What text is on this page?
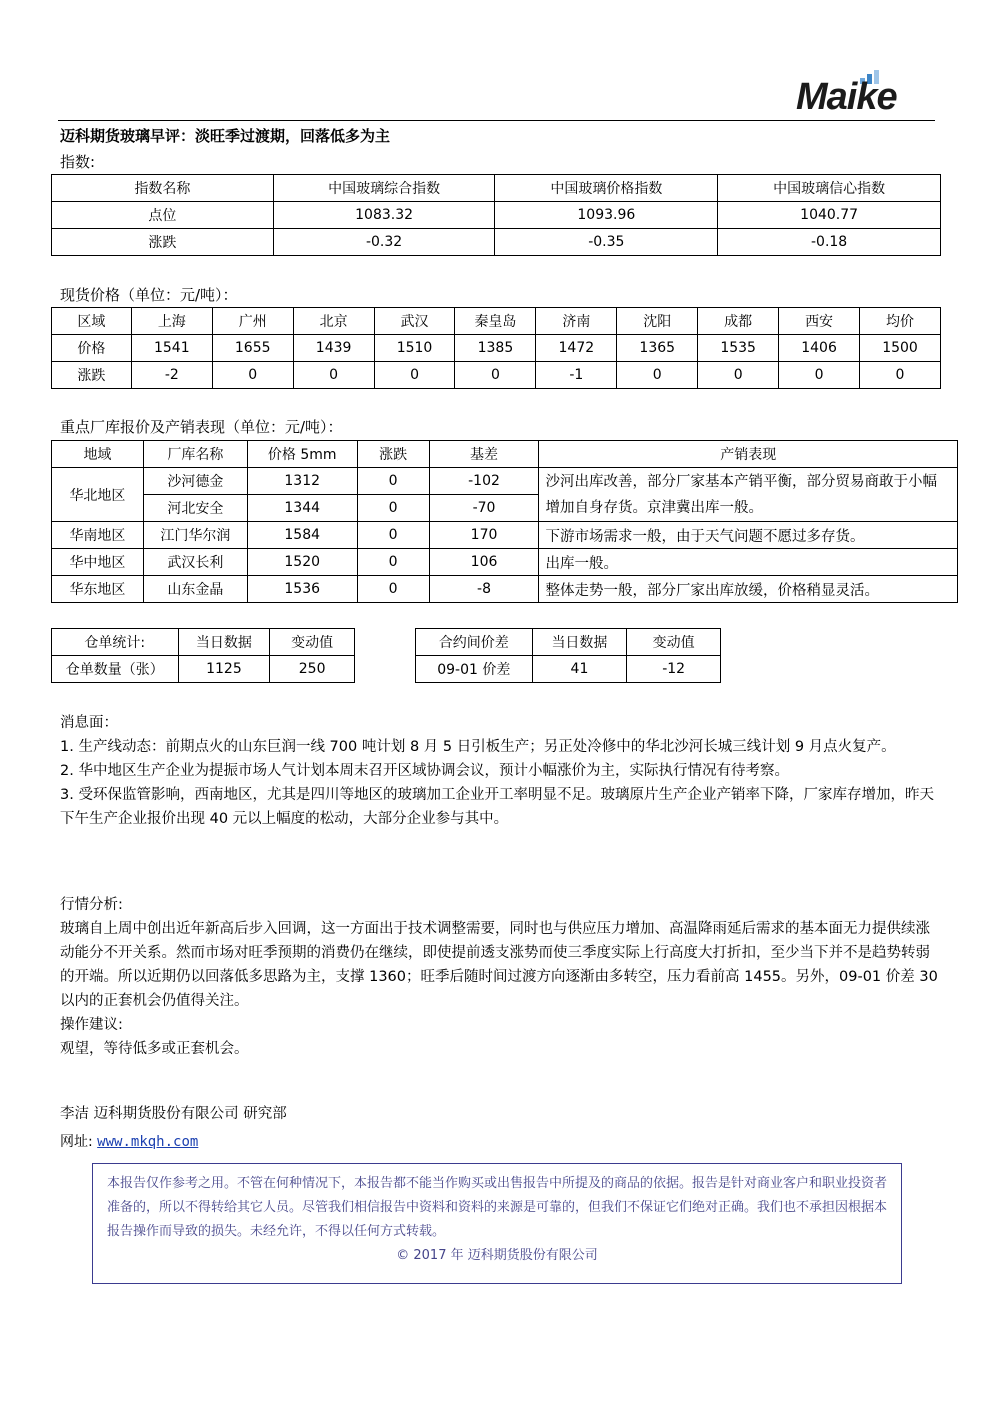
Maike
迈科期货玻璃早评：淡旺季过渡期，回落低多为主
指数:
指数名称	中国玻璃综合指数	中国玻璃价格指数	中国玻璃信心指数
点位	1083.32	1093.96	1040.77
涨跌	-0.32	-0.35	-0.18
现货价格（单位：元/吨）：
区域	上海	广州	北京	武汉	秦皇岛	济南	沈阳	成都	西安	均价
价格	1541	1655	1439	1510	1385	1472	1365	1535	1406	1500
涨跌	-2	0	0	0	0	-1	0	0	0	0
重点厂库报价及产销表现（单位：元/吨）：
地域	厂库名称	价格 5mm	涨跌	基差	产销表现
华北地区	沙河德金	1312	0	-102	沙河出库改善，部分厂家基本产销平衡，部分贸易商敢于小幅增加自身存货。京津冀出库一般。
	河北安全	1344	0	-70	
华南地区	江门华尔润	1584	0	170	下游市场需求一般，由于天气问题不愿过多存货。
华中地区	武汉长利	1520	0	106	出库一般。
华东地区	山东金晶	1536	0	-8	整体走势一般，部分厂家出库放缓，价格稍显灵活。
仓单统计:	当日数据	变动值
仓单数量（张）	1125	250
合约间价差	当日数据	变动值
09-01 价差	41	-12

消息面：

1. 生产线动态：前期点火的山东巨润一线 700 吨计划 8 月 5 日引板生产；另正处冷修中的华北沙河长城三线计划 9 月点火复产。

2. 华中地区生产企业为提振市场人气计划本周末召开区域协调会议，预计小幅涨价为主，实际执行情况有待考察。

3. 受环保监管影响，西南地区，尤其是四川等地区的玻璃加工企业开工率明显不足。玻璃原片生产企业产销率下降，厂家库存增加，昨天下午生产企业报价出现 40 元以上幅度的松动，大部分企业参与其中。

行情分析:

玻璃自上周中创出近年新高后步入回调，这一方面出于技术调整需要，同时也与供应压力增加、高温降雨延后需求的基本面无力提供续涨动能分不开关系。然而市场对旺季预期的消费仍在继续，即使提前透支涨势而使三季度实际上行高度大打折扣，至少当下并不是趋势转弱的开端。所以近期仍以回落低多思路为主，支撑 1360；旺季后随时间过渡方向逐渐由多转空，压力看前高 1455。另外，09-01 价差 30 以内的正套机会仍值得关注。

操作建议:

观望，等待低多或正套机会。

李洁 迈科期货股份有限公司 研究部
网址: www.mkqh.com
本报告仅作参考之用。不管在何种情况下，本报告都不能当作购买或出售报告中所提及的商品的依据。报告是针对商业客户和职业投资者准备的，所以不得转给其它人员。尽管我们相信报告中资料和资料的来源是可靠的，但我们不保证它们绝对正确。我们也不承担因根据本报告操作而导致的损失。未经允许，不得以任何方式转载。
© 2017 年 迈科期货股份有限公司
